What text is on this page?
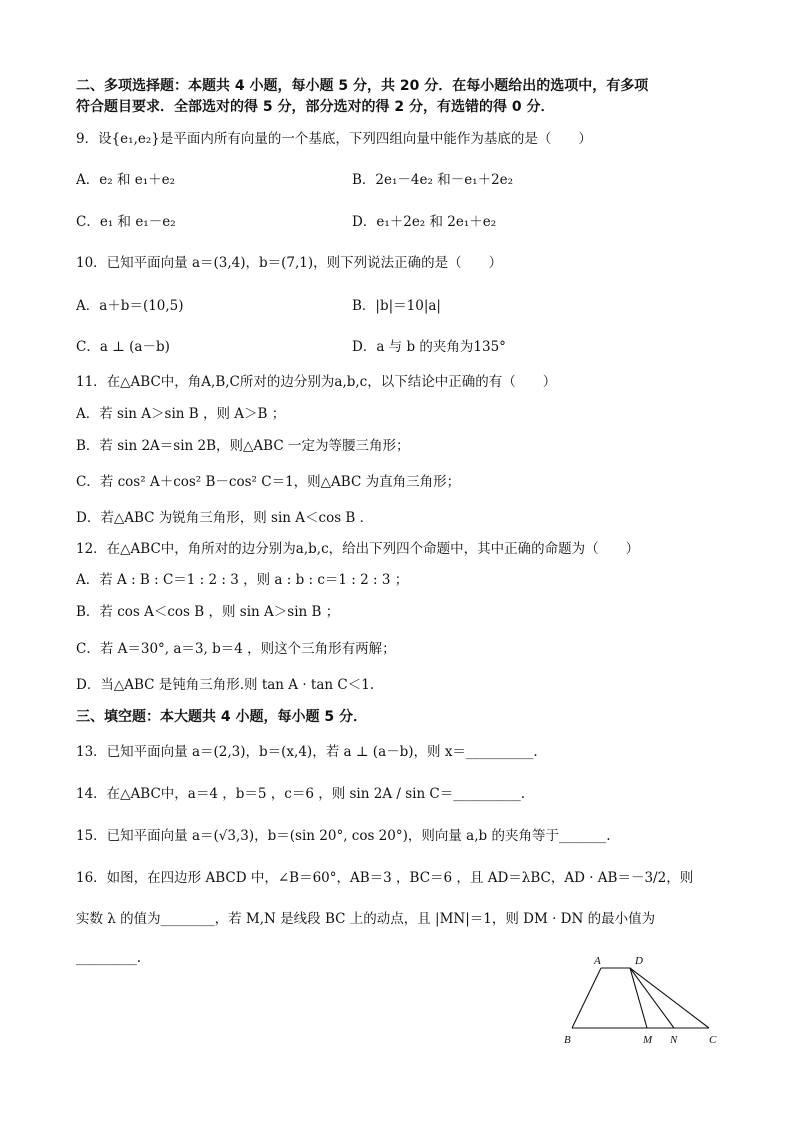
二、多项选择题：本题共 4 小题，每小题 5 分，共 20 分．在每小题给出的选项中，有多项
符合题目要求．全部选对的得 5 分，部分选对的得 2 分，有选错的得 0 分．
9．设{e₁,e₂}是平面内所有向量的一个基底，下列四组向量中能作为基底的是（　　）
A．e₂ 和 e₁＋e₂	B．2e₁－4e₂ 和－e₁＋2e₂
C．e₁ 和 e₁－e₂	D．e₁＋2e₂ 和 2e₁＋e₂
10．已知平面向量 a＝(3,4)，b＝(7,1)，则下列说法正确的是（　　）
A．a＋b＝(10,5)	B．|b|＝10|a|
C．a ⊥ (a－b)	D．a 与 b 的夹角为135°
11．在△ABC中，角A,B,C所对的边分别为a,b,c，以下结论中正确的有（　　）
A．若 sin A＞sin B ，则 A＞B ；
B．若 sin 2A＝sin 2B，则△ABC 一定为等腰三角形；
C．若 cos² A＋cos² B－cos² C＝1，则△ABC 为直角三角形；
D．若△ABC 为锐角三角形，则 sin A＜cos B ．
12．在△ABC中，角所对的边分别为a,b,c，给出下列四个命题中，其中正确的命题为（　　）
A．若 A : B : C＝1 : 2 : 3 ，则 a : b : c＝1 : 2 : 3 ；
B．若 cos A＜cos B ，则 sin A＞sin B ；
C．若 A＝30°, a＝3, b＝4 ，则这个三角形有两解；
D．当△ABC 是钝角三角形.则 tan A · tan C＜1.
三、填空题：本大题共 4 小题，每小题 5 分．
13．已知平面向量 a＝(2,3)，b＝(x,4)，若 a ⊥ (a－b)，则 x＝__________.
14．在△ABC中，a＝4 ，b＝5 ，c＝6 ，则 sin 2A / sin C＝__________.
15．已知平面向量 a＝(√3,3)，b＝(sin 20°, cos 20°)，则向量 a,b 的夹角等于_______.
16．如图，在四边形 ABCD 中，∠B＝60°，AB＝3 ，BC＝6 ，且 AD＝λBC，AD · AB＝－3/2，则
实数 λ 的值为________，若 M,N 是线段 BC 上的动点，且 |MN|＝1，则 DM · DN 的最小值为
_________.	A	D
B	M N	C
